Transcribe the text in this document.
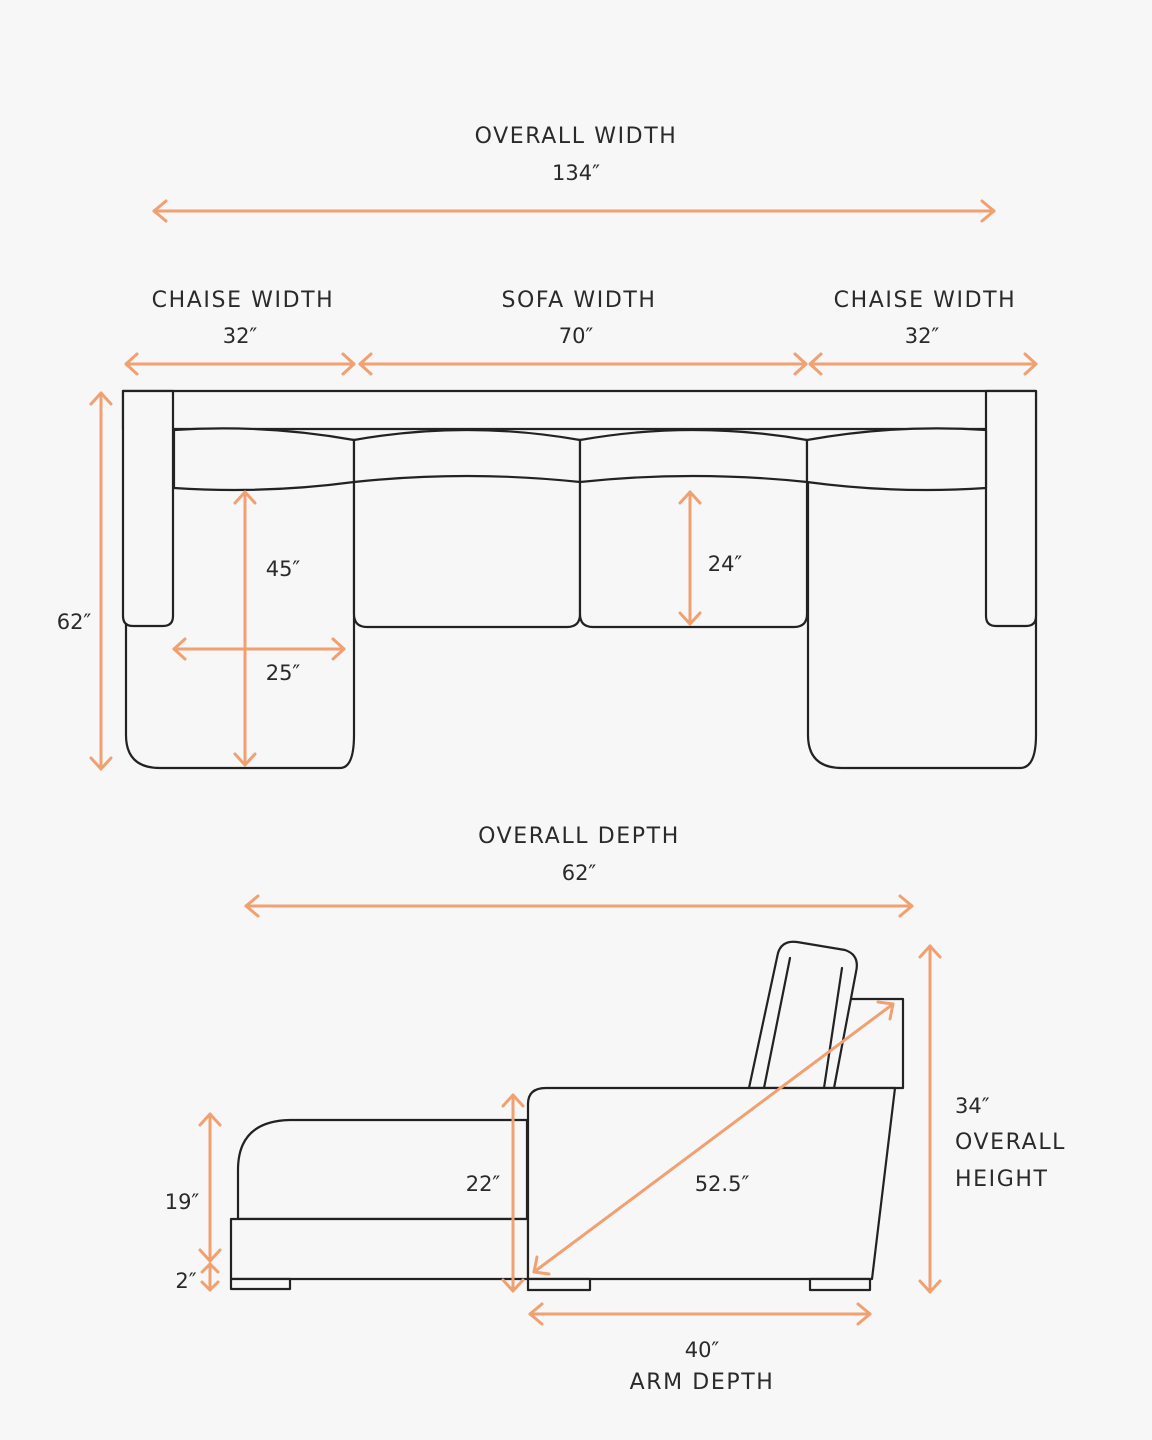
OVERALL WIDTH
134″
CHAISE WIDTH
32″
SOFA WIDTH
70″
CHAISE WIDTH
32″
62″
45″
25″
24″
OVERALL DEPTH
62″
19″
2″
22″	52.5″
34″
OVERALL
HEIGHT
40″
ARM DEPTH
